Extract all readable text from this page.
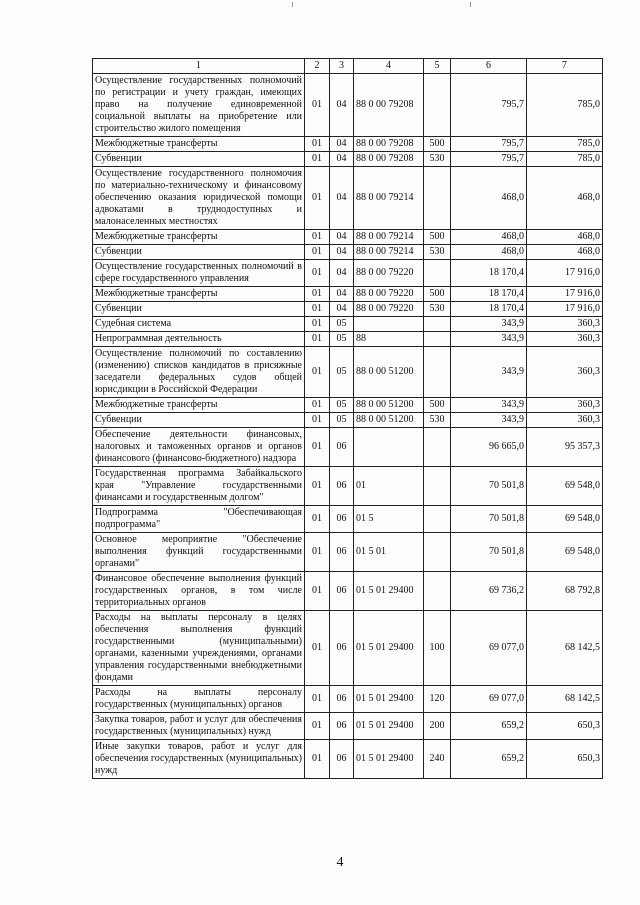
1	2	3	4	5	6	7
Осуществление государственных полномочий по регистрации и учету граждан, имеющих право на получение единовременной социальной выплаты на приобретение или строительство жилого помещения	01	04	88 0 00 79208		795,7	785,0
Межбюджетные трансферты	01	04	88 0 00 79208	500	795,7	785,0
Субвенции	01	04	88 0 00 79208	530	795,7	785,0
Осуществление государственного полномочия по материально-техническому и финансовому обеспечению оказания юридической помощи адвокатами в труднодоступных и малонаселенных местностях	01	04	88 0 00 79214		468,0	468,0
Межбюджетные трансферты	01	04	88 0 00 79214	500	468,0	468,0
Субвенции	01	04	88 0 00 79214	530	468,0	468,0
Осуществление государственных полномочий в сфере государственного управления	01	04	88 0 00 79220		18 170,4	17 916,0
Межбюджетные трансферты	01	04	88 0 00 79220	500	18 170,4	17 916,0
Субвенции	01	04	88 0 00 79220	530	18 170,4	17 916,0
Судебная система	01	05			343,9	360,3
Непрограммная деятельность	01	05	88		343,9	360,3
Осуществление полномочий по составлению (изменению) списков кандидатов в присяжные заседатели федеральных судов общей юрисдикции в Российской Федерации	01	05	88 0 00 51200		343,9	360,3
Межбюджетные трансферты	01	05	88 0 00 51200	500	343,9	360,3
Субвенции	01	05	88 0 00 51200	530	343,9	360,3
Обеспечение деятельности финансовых, налоговых и таможенных органов и органов финансового (финансово-бюджетного) надзора	01	06			96 665,0	95 357,3
Государственная программа Забайкальского края "Управление государственными финансами и государственным долгом"	01	06	01		70 501,8	69 548,0
Подпрограмма "Обеспечивающая подпрограмма"	01	06	01 5		70 501,8	69 548,0
Основное мероприятие "Обеспечение выполнения функций государственными органами"	01	06	01 5 01		70 501,8	69 548,0
Финансовое обеспечение выполнения функций государственных органов, в том числе территориальных органов	01	06	01 5 01 29400		69 736,2	68 792,8
Расходы на выплаты персоналу в целях обеспечения выполнения функций государственными (муниципальными) органами, казенными учреждениями, органами управления государственными внебюджетными фондами	01	06	01 5 01 29400	100	69 077,0	68 142,5
Расходы на выплаты персоналу государственных (муниципальных) органов	01	06	01 5 01 29400	120	69 077,0	68 142,5
Закупка товаров, работ и услуг для обеспечения государственных (муниципальных) нужд	01	06	01 5 01 29400	200	659,2	650,3
Иные закупки товаров, работ и услуг для обеспечения государственных (муниципальных) нужд	01	06	01 5 01 29400	240	659,2	650,3
4
